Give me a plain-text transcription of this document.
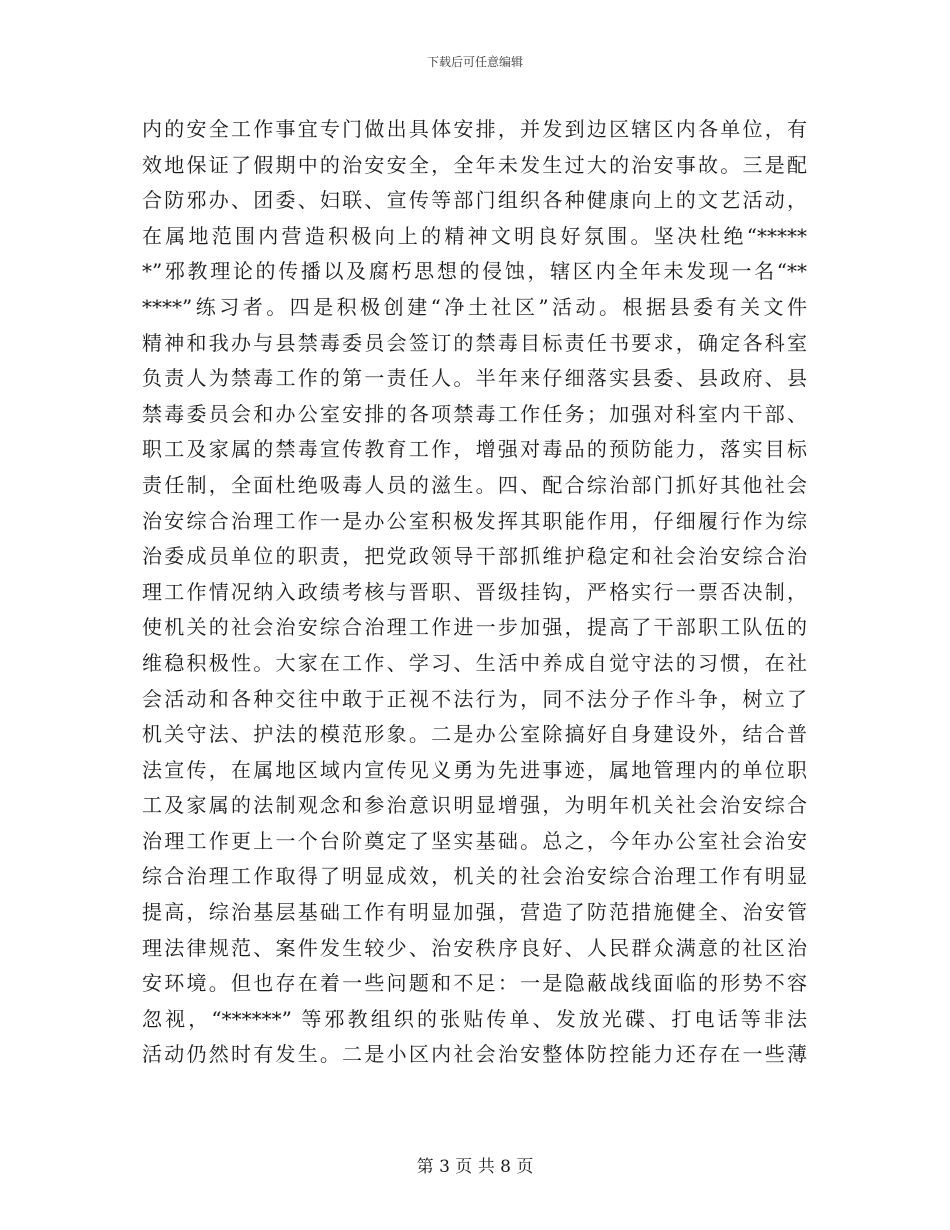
下载后可任意编辑
内的安全工作事宜专门做出具体安排，并发到边区辖区内各单位，有
效地保证了假期中的治安安全，全年未发生过大的治安事故。三是配
合防邪办、团委、妇联、宣传等部门组织各种健康向上的文艺活动，
在属地范围内营造积极向上的精神文明良好氛围。坚决杜绝“*****
*”邪教理论的传播以及腐朽思想的侵蚀，辖区内全年未发现一名“**
****”练习者。四是积极创建“净土社区”活动。根据县委有关文件
精神和我办与县禁毒委员会签订的禁毒目标责任书要求，确定各科室
负责人为禁毒工作的第一责任人。半年来仔细落实县委、县政府、县
禁毒委员会和办公室安排的各项禁毒工作任务；加强对科室内干部、
职工及家属的禁毒宣传教育工作，增强对毒品的预防能力，落实目标
责任制，全面杜绝吸毒人员的滋生。四、配合综治部门抓好其他社会
治安综合治理工作一是办公室积极发挥其职能作用，仔细履行作为综
治委成员单位的职责，把党政领导干部抓维护稳定和社会治安综合治
理工作情况纳入政绩考核与晋职、晋级挂钩，严格实行一票否决制，
使机关的社会治安综合治理工作进一步加强，提高了干部职工队伍的
维稳积极性。大家在工作、学习、生活中养成自觉守法的习惯，在社
会活动和各种交往中敢于正视不法行为，同不法分子作斗争，树立了
机关守法、护法的模范形象。二是办公室除搞好自身建设外，结合普
法宣传，在属地区域内宣传见义勇为先进事迹，属地管理内的单位职
工及家属的法制观念和参治意识明显增强，为明年机关社会治安综合
治理工作更上一个台阶奠定了坚实基础。总之，今年办公室社会治安
综合治理工作取得了明显成效，机关的社会治安综合治理工作有明显
提高，综治基层基础工作有明显加强，营造了防范措施健全、治安管
理法律规范、案件发生较少、治安秩序良好、人民群众满意的社区治
安环境。但也存在着一些问题和不足：一是隐蔽战线面临的形势不容
忽视，“******” 等邪教组织的张贴传单、发放光碟、打电话等非法
活动仍然时有发生。二是小区内社会治安整体防控能力还存在一些薄
第 3 页 共 8 页
